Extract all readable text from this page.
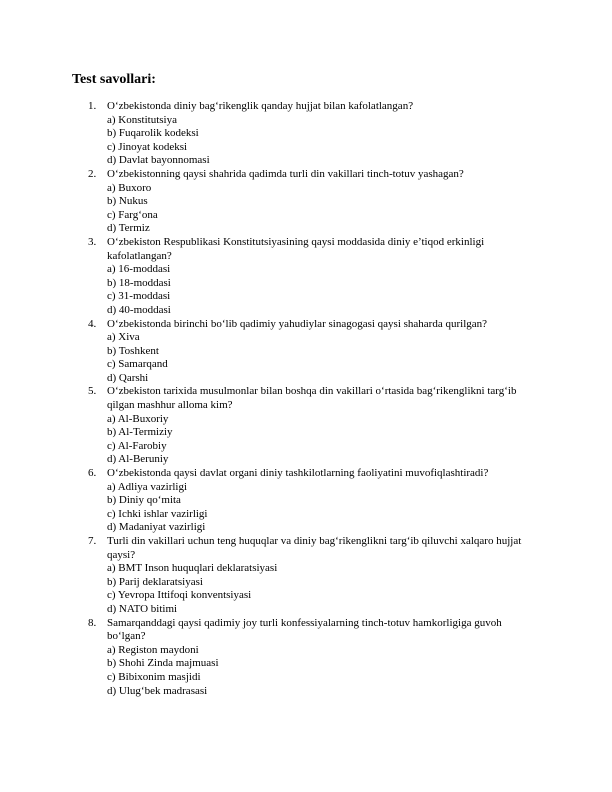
Test savollari:
1. O‘zbekistonda diniy bag‘rikenglik qanday hujjat bilan kafolatlangan?
a) Konstitutsiya
b) Fuqarolik kodeksi
c) Jinoyat kodeksi
d) Davlat bayonnomasi
2. O‘zbekistonning qaysi shahrida qadimda turli din vakillari tinch-totuv yashagan?
a) Buxoro
b) Nukus
c) Farg‘ona
d) Termiz
3. O‘zbekiston Respublikasi Konstitutsiyasining qaysi moddasida diniy e’tiqod erkinligi kafolatlangan?
a) 16-moddasi
b) 18-moddasi
c) 31-moddasi
d) 40-moddasi
4. O‘zbekistonda birinchi bo‘lib qadimiy yahudiylar sinagogasi qaysi shaharda qurilgan?
a) Xiva
b) Toshkent
c) Samarqand
d) Qarshi
5. O‘zbekiston tarixida musulmonlar bilan boshqa din vakillari o‘rtasida bag‘rikenglikni targ‘ib qilgan mashhur alloma kim?
a) Al-Buxoriy
b) Al-Termiziy
c) Al-Farobiy
d) Al-Beruniy
6. O‘zbekistonda qaysi davlat organi diniy tashkilotlarning faoliyatini muvofiqlashtiradi?
a) Adliya vazirligi
b) Diniy qo‘mita
c) Ichki ishlar vazirligi
d) Madaniyat vazirligi
7. Turli din vakillari uchun teng huquqlar va diniy bag‘rikenglikni targ‘ib qiluvchi xalqaro hujjat qaysi?
a) BMT Inson huquqlari deklaratsiyasi
b) Parij deklaratsiyasi
c) Yevropa Ittifoqi konventsiyasi
d) NATO bitimi
8. Samarqanddagi qaysi qadimiy joy turli konfessiyalarning tinch-totuv hamkorligiga guvoh bo‘lgan?
a) Registon maydoni
b) Shohi Zinda majmuasi
c) Bibixonim masjidi
d) Ulug‘bek madrasasi
